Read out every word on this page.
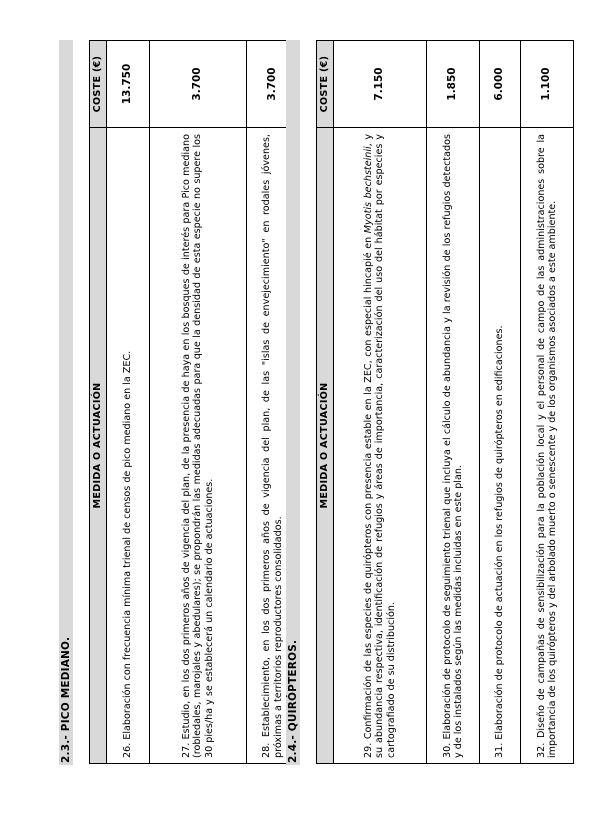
2.3.- PICO MEDIANO.
MEDIDA O ACTUACIÓN	COSTE (€)
26. Elaboración con frecuencia mínima trienal de censos de pico mediano en la ZEC.	13.750
27. Estudio, en los dos primeros años de vigencia del plan, de la presencia de haya en los bosques de interés para Pico mediano (robledales, marojales y abedulares); se propondrán las medidas adecuadas para que la densidad de esta especie no supere los 30 pies/ha y se establecerá un calendario de actuaciones.	3.700
28. Establecimiento, en los dos primeros años de vigencia del plan, de las "islas de envejecimiento" en rodales jóvenes, próximas a territorios reproductores consolidados.	3.700
2.4.- QUIRÓPTEROS.
MEDIDA O ACTUACIÓN	COSTE (€)
29. Confirmación de las especies de quirópteros con presencia estable en la ZEC, con especial hincapié en Myotis bechsteinii, y su abundancia respectiva, identificación de refugios y áreas de importancia, caracterización del uso del hábitat por especies y cartografiado de su distribución.	7.150
30. Elaboración de protocolo de seguimiento trienal que incluya el cálculo de abundancia y la revisión de los refugios detectados y de los instalados según las medidas incluidas en este plan.	1.850
31. Elaboración de protocolo de actuación en los refugios de quirópteros en edificaciones.	6.000
32. Diseño de campañas de sensibilización para la población local y el personal de campo de las administraciones sobre la importancia de los quirópteros y del arbolado muerto o senescente y de los organismos asociados a este ambiente.	1.100
